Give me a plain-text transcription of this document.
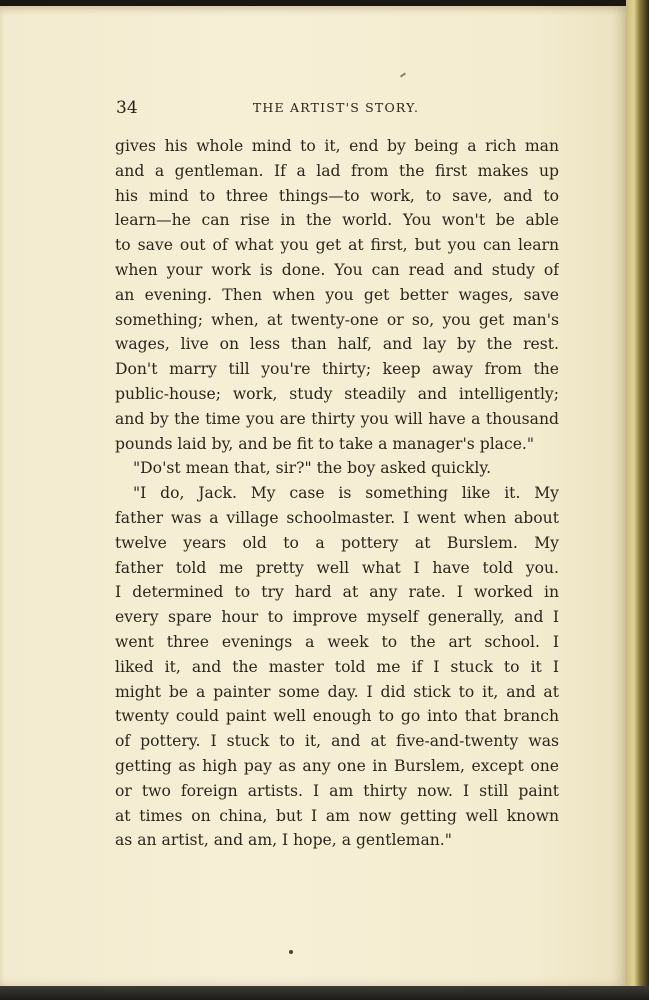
34	THE ARTIST'S STORY.
gives his whole mind to it, end by being a rich man
and a gentleman. If a lad from the first makes up
his mind to three things—to work, to save, and to
learn—he can rise in the world. You won't be able
to save out of what you get at first, but you can learn
when your work is done. You can read and study of
an evening. Then when you get better wages, save
something; when, at twenty-one or so, you get man's
wages, live on less than half, and lay by the rest.
Don't marry till you're thirty; keep away from the
public-house; work, study steadily and intelligently;
and by the time you are thirty you will have a thousand
pounds laid by, and be fit to take a manager's place."
"Do'st mean that, sir?" the boy asked quickly.
"I do, Jack. My case is something like it. My
father was a village schoolmaster. I went when about
twelve years old to a pottery at Burslem. My
father told me pretty well what I have told you.
I determined to try hard at any rate. I worked in
every spare hour to improve myself generally, and I
went three evenings a week to the art school. I
liked it, and the master told me if I stuck to it I
might be a painter some day. I did stick to it, and at
twenty could paint well enough to go into that branch
of pottery. I stuck to it, and at five-and-twenty was
getting as high pay as any one in Burslem, except one
or two foreign artists. I am thirty now. I still paint
at times on china, but I am now getting well known
as an artist, and am, I hope, a gentleman."
